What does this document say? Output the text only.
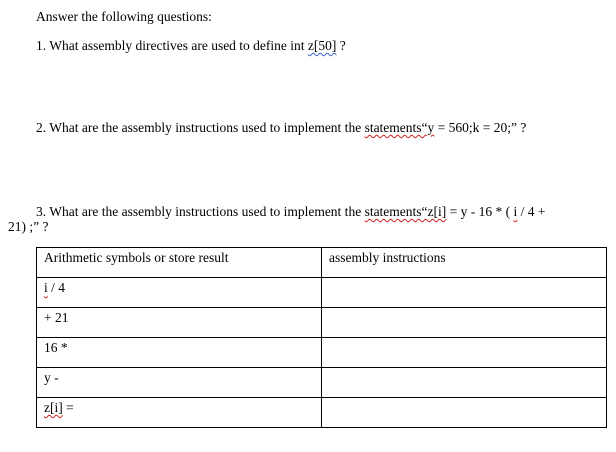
Answer the following questions:
1. What assembly directives are used to define int z[50] ?
2. What are the assembly instructions used to implement the statements“y = 560;k = 20;” ?
3. What are the assembly instructions used to implement the statements“z[i] = y - 16 * ( i / 4 +
21) ;” ?
Arithmetic symbols or store result	assembly instructions
i / 4	
+ 21	
16 *	
y -	
z[i] =	
